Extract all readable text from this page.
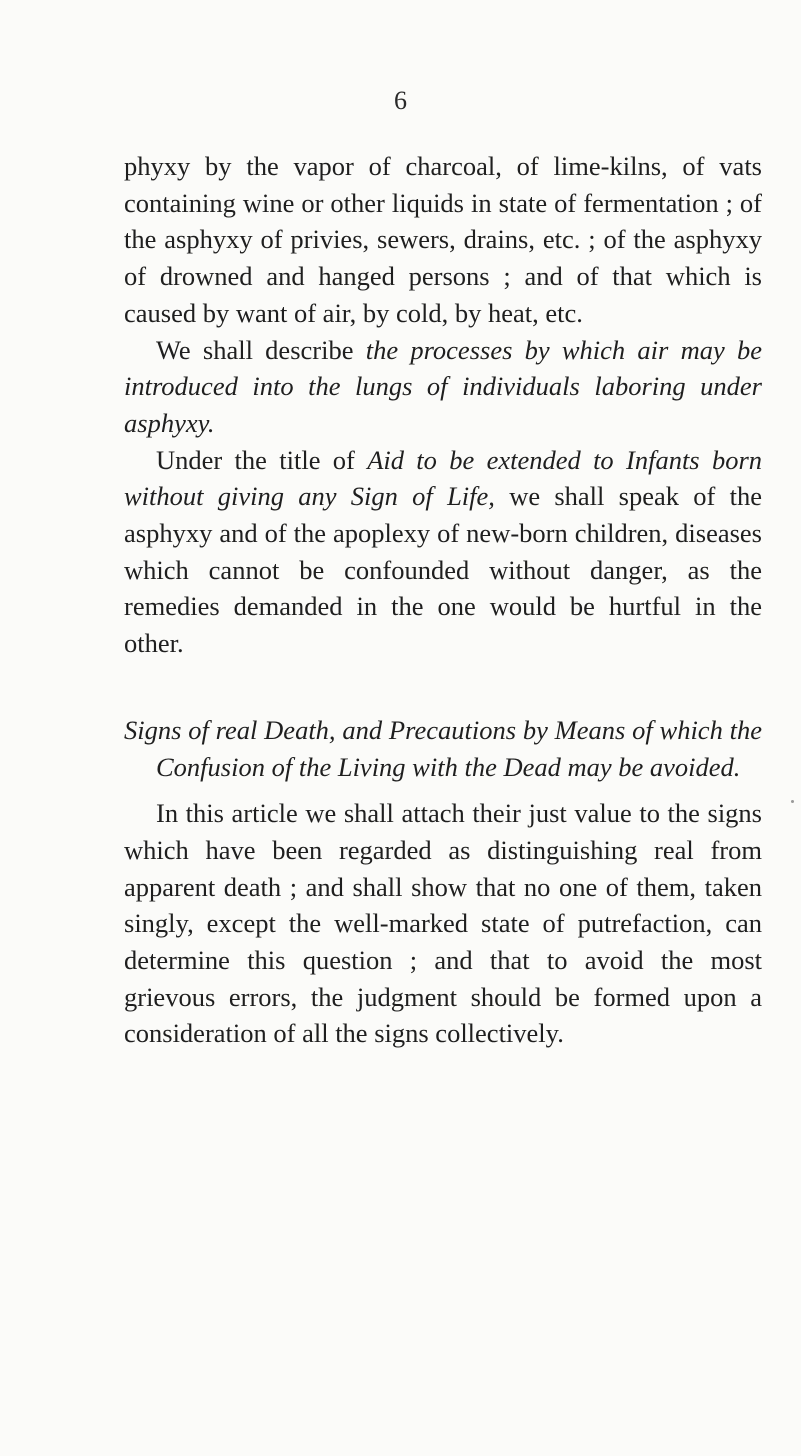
6

phyxy by the vapor of charcoal, of lime-kilns, of vats containing wine or other liquids in state of fermentation ; of the asphyxy of privies, sewers, drains, etc. ; of the asphyxy of drowned and hanged persons ; and of that which is caused by want of air, by cold, by heat, etc.

We shall describe the processes by which air may be introduced into the lungs of individuals laboring under asphyxy.

Under the title of Aid to be extended to Infants born without giving any Sign of Life, we shall speak of the asphyxy and of the apoplexy of new-born children, diseases which cannot be confounded without danger, as the remedies demanded in the one would be hurtful in the other.

Signs of real Death, and Precautions by Means of which the Confusion of the Living with the Dead may be avoided.

In this article we shall attach their just value to the signs which have been regarded as distinguishing real from apparent death ; and shall show that no one of them, taken singly, except the well-marked state of putrefaction, can determine this question ; and that to avoid the most grievous errors, the judgment should be formed upon a consideration of all the signs collectively.
